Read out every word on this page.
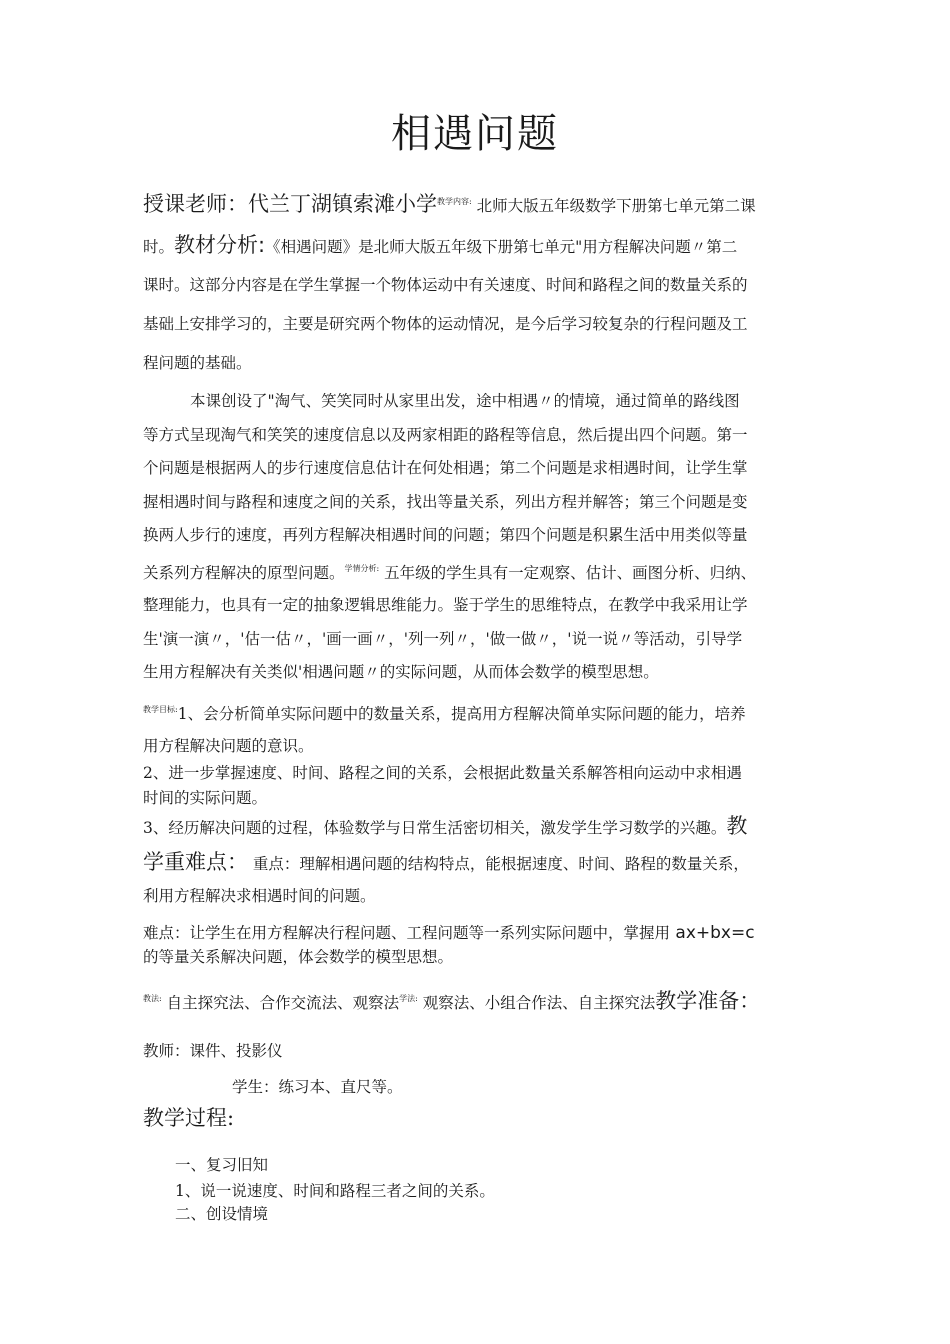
相遇问题
授课老师：代兰丁湖镇索滩小学$^{教学内容:}$ 北师大版五年级数学下册第七单元第二课
时。教材分析:《相遇问题》是北师大版五年级下册第七单元"用方程解决问题〃第二
课时。这部分内容是在学生掌握一个物体运动中有关速度、时间和路程之间的数量关系的
基础上安排学习的，主要是研究两个物体的运动情况，是今后学习较复杂的行程问题及工
程问题的基础。
本课创设了"淘气、笑笑同时从家里出发，途中相遇〃的情境，通过简单的路线图
等方式呈现淘气和笑笑的速度信息以及两家相距的路程等信息，然后提出四个问题。第一
个问题是根据两人的步行速度信息估计在何处相遇；第二个问题是求相遇时间，让学生掌
握相遇时间与路程和速度之间的关系，找出等量关系，列出方程并解答；第三个问题是变
换两人步行的速度，再列方程解决相遇时间的问题；第四个问题是积累生活中用类似等量
关系列方程解决的原型问题。$^{学情分析:}$ 五年级的学生具有一定观察、估计、画图分析、归纳、
整理能力，也具有一定的抽象逻辑思维能力。鉴于学生的思维特点，在教学中我采用让学
生'演一演〃，'估一估〃，'画一画〃，'列一列〃，'做一做〃，'说一说〃等活动，引导学
生用方程解决有关类似'相遇问题〃的实际问题，从而体会数学的模型思想。
$^{教学目标:}$1、会分析简单实际问题中的数量关系，提高用方程解决简单实际问题的能力，培养
用方程解决问题的意识。
2、进一步掌握速度、时间、路程之间的关系，会根据此数量关系解答相向运动中求相遇
时间的实际问题。
3、经历解决问题的过程，体验数学与日常生活密切相关，激发学生学习数学的兴趣。教
学重难点： 重点：理解相遇问题的结构特点，能根据速度、时间、路程的数量关系，
利用方程解决求相遇时间的问题。
难点：让学生在用方程解决行程问题、工程问题等一系列实际问题中，掌握用 ax+bx=c
的等量关系解决问题，体会数学的模型思想。
$^{教法:}$ 自主探究法、合作交流法、观察法$^{学法:}$ 观察法、小组合作法、自主探究法教学准备：
教师：课件、投影仪
学生：练习本、直尺等。
教学过程:
一、复习旧知
1、说一说速度、时间和路程三者之间的关系。
二、创设情境
